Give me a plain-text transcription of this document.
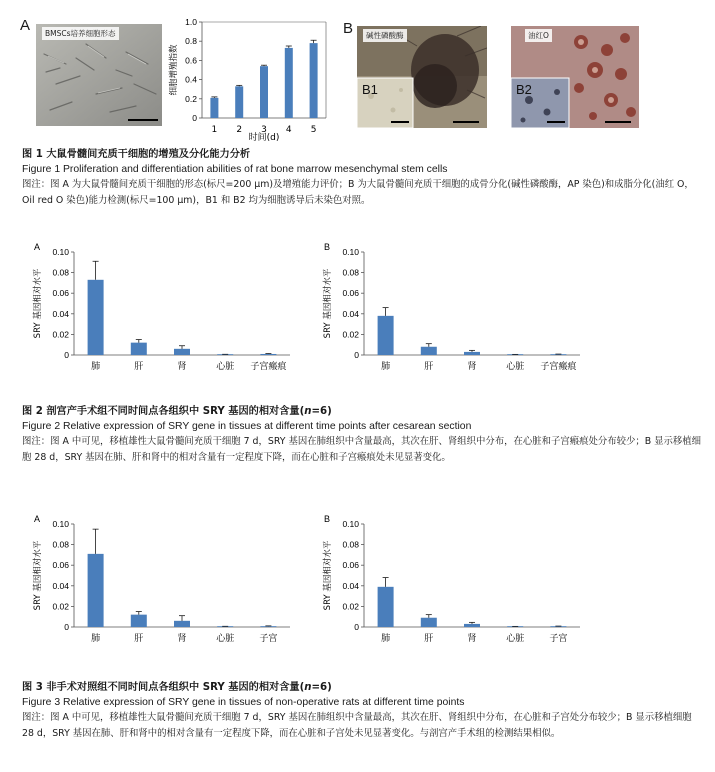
A	BMSCs培养细胞形态
0
0.2
0.4
0.6
0.8
1.0
细胞增殖指数
1 2 3 4 5
时间(d)
B	碱性磷酸酶
B1
油红O
B2
图 1 大鼠骨髓间充质干细胞的增殖及分化能力分析
Figure 1 Proliferation and differentiation abilities of rat bone marrow mesenchymal stem cells
图注：图 A 为大鼠骨髓间充质干细胞的形态(标尺=200 μm)及增殖能力评价；B 为大鼠骨髓间充质干细胞的成骨分化(碱性磷酸酶，AP 染色)和成脂分化(油红 O，Oil red O 染色)能力检测(标尺=100 μm)，B1 和 B2 均为细胞诱导后未染色对照。
A
0
0.02
0.04
0.06
0.08
0.10
SRY 基因相对水平
肺	肝	肾	心脏 子宫瘢痕
B
0
0.02
0.04
0.06
0.08
0.10
SRY 基因相对水平
肺	肝	肾	心脏 子宫瘢痕
图 2 剖宫产手术组不同时间点各组织中 SRY 基因的相对含量(n=6)
Figure 2 Relative expression of SRY gene in tissues at different time points after cesarean section
图注：图 A 中可见，移植雄性大鼠骨髓间充质干细胞 7 d，SRY 基因在肺组织中含量最高，其次在肝、肾组织中分布，在心脏和子宫瘢痕处分布较少；B 显示移植细胞 28 d，SRY 基因在肺、肝和肾中的相对含量有一定程度下降，而在心脏和子宫瘢痕处未见显著变化。
A
0
0.02
0.04
0.06
0.08
0.10
SRY 基因相对水平
肺	肝	肾	心脏	子宫
B
0
0.02
0.04
0.06
0.08
0.10
SRY 基因相对水平
肺	肝	肾	心脏	子宫
图 3 非手术对照组不同时间点各组织中 SRY 基因的相对含量(n=6)
Figure 3 Relative expression of SRY gene in tissues of non-operative rats at different time points
图注：图 A 中可见，移植雄性大鼠骨髓间充质干细胞 7 d，SRY 基因在肺组织中含量最高，其次在肝、肾组织中分布，在心脏和子宫处分布较少；B 显示移植细胞 28 d，SRY 基因在肺、肝和肾中的相对含量有一定程度下降，而在心脏和子宫处未见显著变化。与剖宫产手术组的检测结果相似。
